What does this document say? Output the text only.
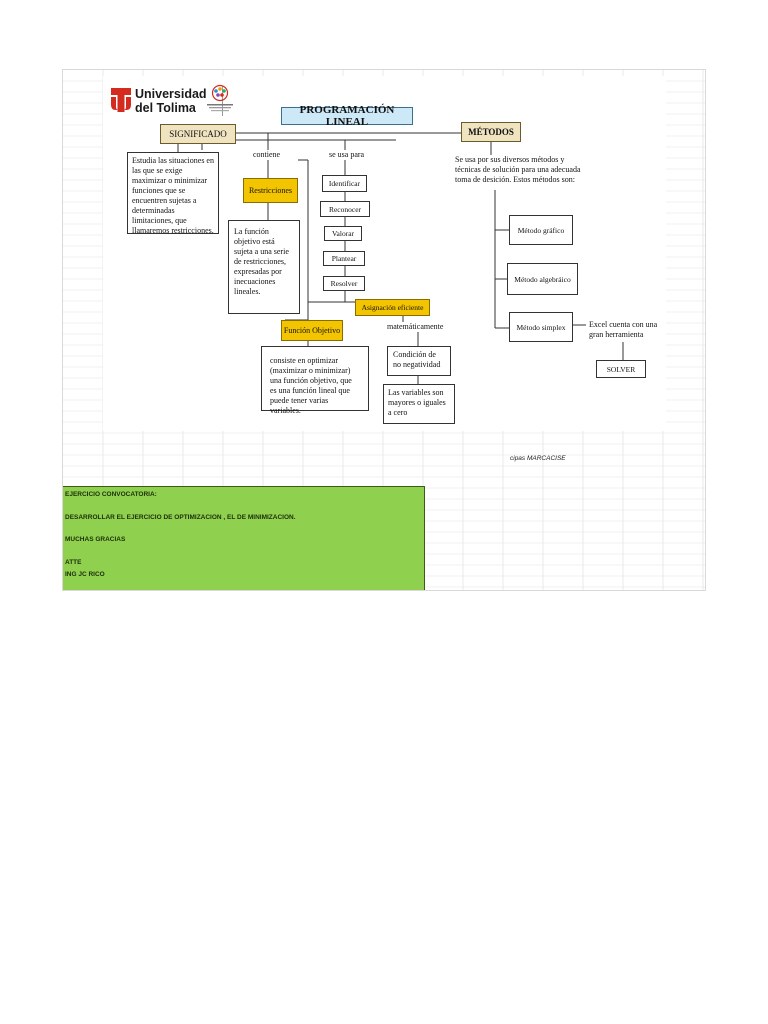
Universidad
del Tolima	PROGRAMACIÓN LINEAL
SIGNIFICADO
Estudia las situaciones en las que se exige maximizar o minimizar funciones que se encuentren sujetas a determinadas limitaciones, que llamaremos restricciones.
contiene
Restricciones
La función objetivo está sujeta a una serie de restricciones, expresadas por inecuaciones lineales.
Función Objetivo
consiste en optimizar (maximizar o minimizar) una función objetivo, que es una función lineal que puede tener varias variables.
se usa para
Identificar
Reconocer
Valorar
Plantear
Resolver
Asignación eficiente
matemáticamente
Condición de no negatividad
Las variables son mayores o iguales a cero
MÉTODOS
Se usa por sus diversos métodos y técnicas de solución para una adecuada toma de desición. Estos métodos son:
Método gráfico
Método algebráico
Método simplex	Excel cuenta con una gran herramienta
SOLVER
cipas MARCACISE
EJERCICIO CONVOCATORIA:
DESARROLLAR EL EJERCICIO DE OPTIMIZACION , EL DE MINIMIZACION.
MUCHAS GRACIAS
ATTE
ING JC RICO
